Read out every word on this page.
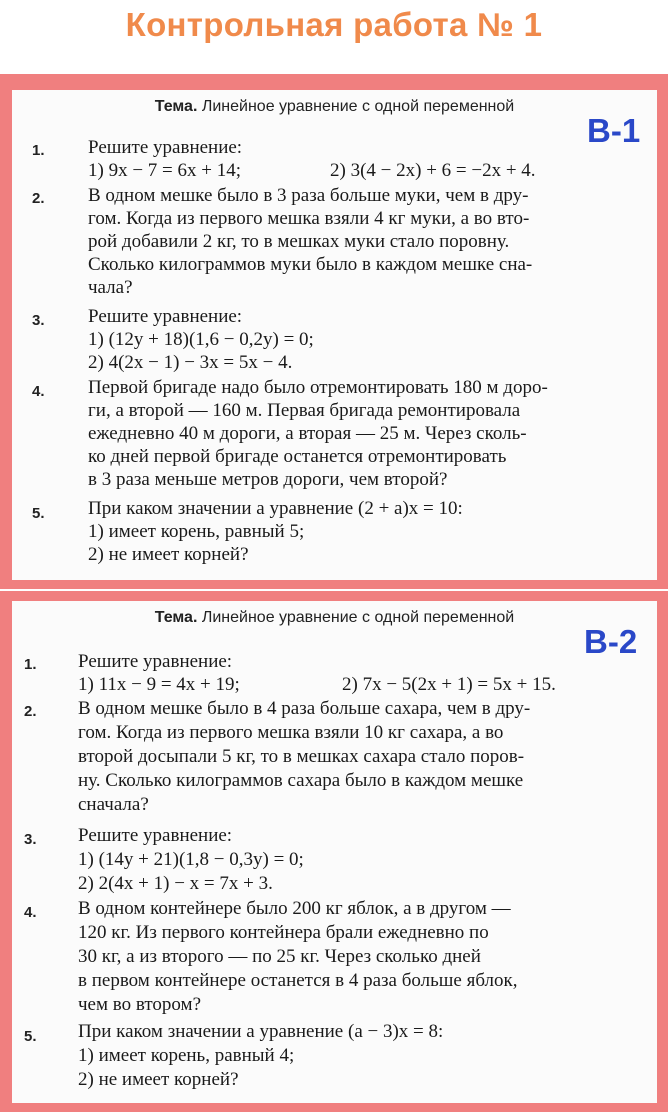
Контрольная работа № 1
Тема. Линейное уравнение с одной переменной
В-1
1. Решите уравнение:
1) 9x − 7 = 6x + 14;	2) 3(4 − 2x) + 6 = −2x + 4.
2. В одном мешке было в 3 раза больше муки, чем в дру-
гом. Когда из первого мешка взяли 4 кг муки, а во вто-
рой добавили 2 кг, то в мешках муки стало поровну.
Сколько килограммов муки было в каждом мешке сна-
чала?
3. Решите уравнение:
1) (12y + 18)(1,6 − 0,2y) = 0;
2) 4(2x − 1) − 3x = 5x − 4.
4. Первой бригаде надо было отремонтировать 180 м доро-
ги, а второй — 160 м. Первая бригада ремонтировала
ежедневно 40 м дороги, а вторая — 25 м. Через сколь-
ко дней первой бригаде останется отремонтировать
в 3 раза меньше метров дороги, чем второй?
5. При каком значении a уравнение (2 + a)x = 10:
1) имеет корень, равный 5;
2) не имеет корней?
Тема. Линейное уравнение с одной переменной
В-2
1. Решите уравнение:
1) 11x − 9 = 4x + 19;	2) 7x − 5(2x + 1) = 5x + 15.
2. В одном мешке было в 4 раза больше сахара, чем в дру-
гом. Когда из первого мешка взяли 10 кг сахара, а во
второй досыпали 5 кг, то в мешках сахара стало поров-
ну. Сколько килограммов сахара было в каждом мешке
сначала?
3. Решите уравнение:
1) (14y + 21)(1,8 − 0,3y) = 0;
2) 2(4x + 1) − x = 7x + 3.
4. В одном контейнере было 200 кг яблок, а в другом —
120 кг. Из первого контейнера брали ежедневно по
30 кг, а из второго — по 25 кг. Через сколько дней
в первом контейнере останется в 4 раза больше яблок,
чем во втором?
5. При каком значении a уравнение (a − 3)x = 8:
1) имеет корень, равный 4;
2) не имеет корней?
